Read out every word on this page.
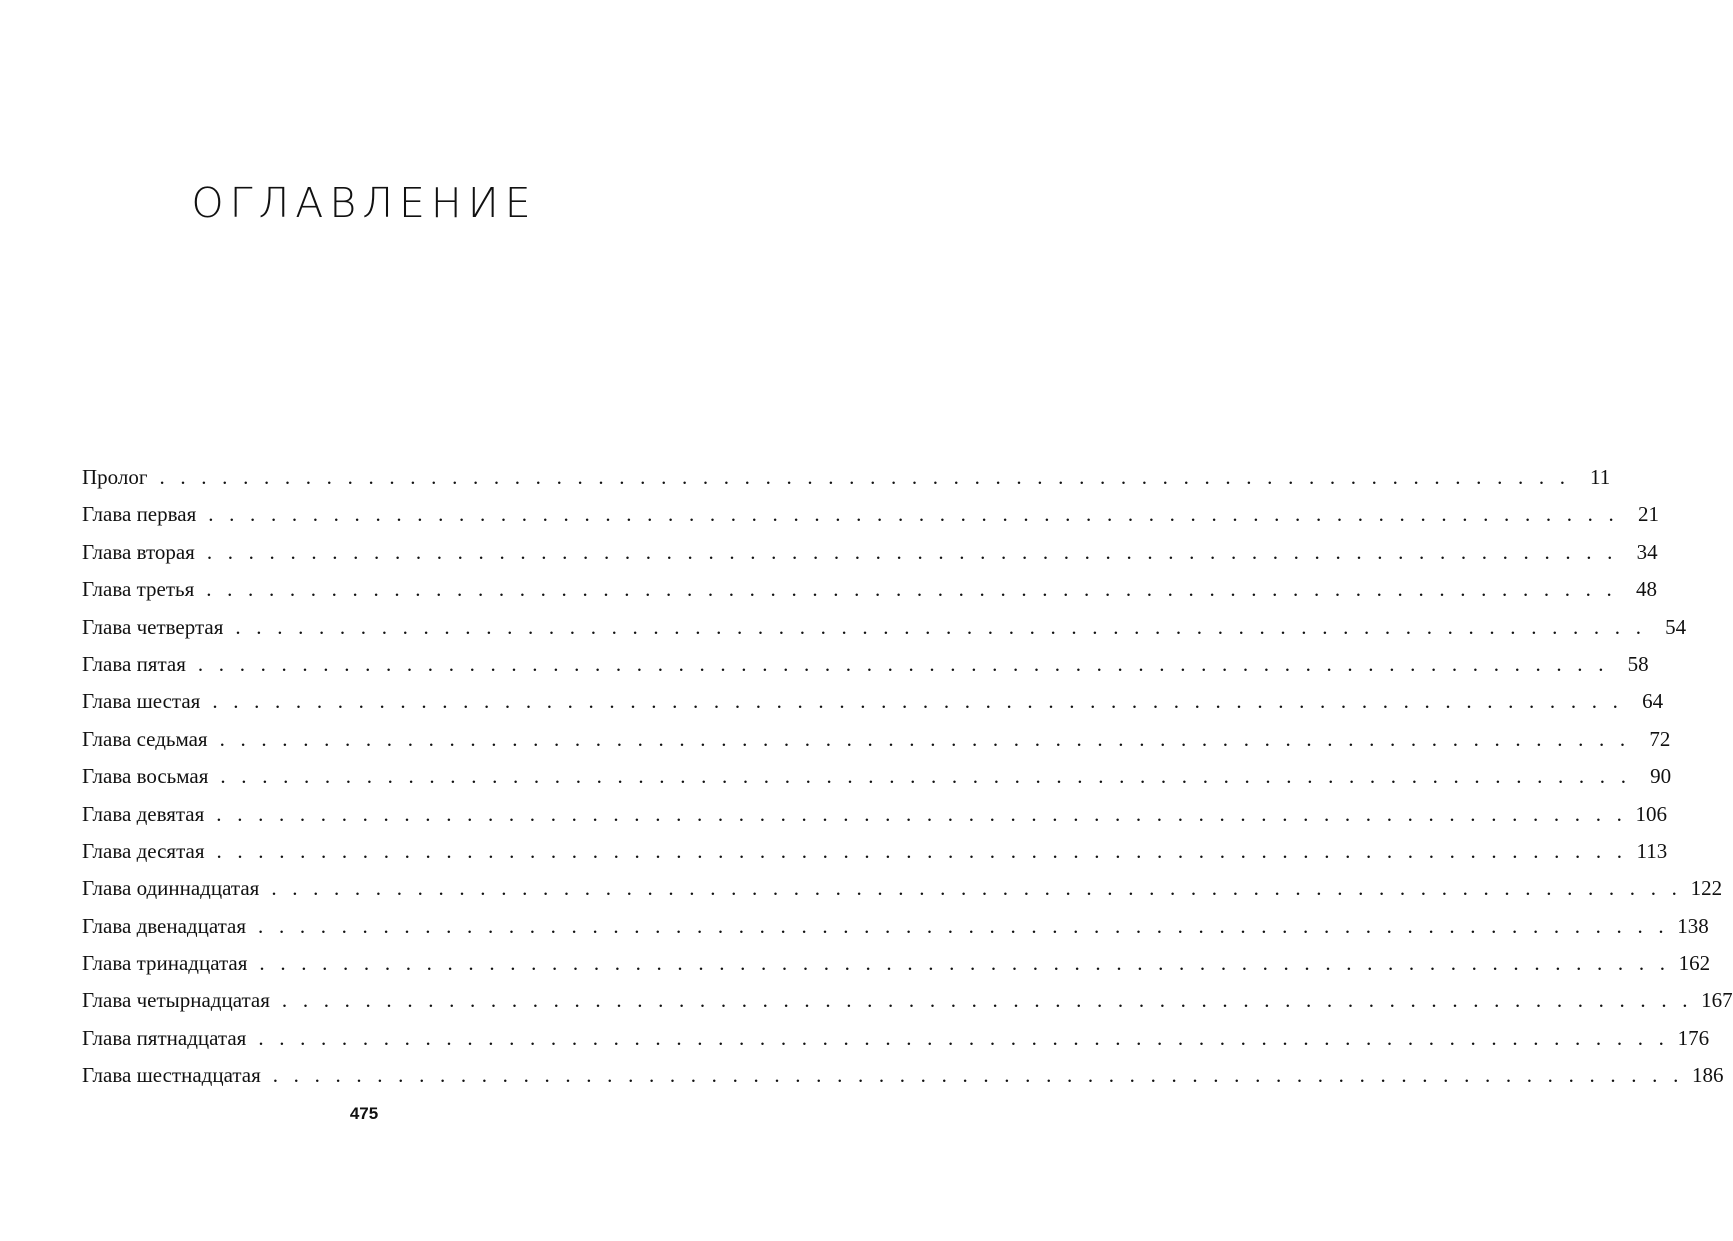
ОГЛАВЛЕНИЕ
Пролог . . . . . . . . . . . . . . . . . . . . . . . . . . . . . . . . . . . . . . . . . . . . . . . . . . . . . . . . . . . . . . . . . . . . 11
Глава первая . . . . . . . . . . . . . . . . . . . . . . . . . . . . . . . . . . . . . . . . . . . . . . . . . . . . . . . . . . . . . . . . . . . . 21
Глава вторая . . . . . . . . . . . . . . . . . . . . . . . . . . . . . . . . . . . . . . . . . . . . . . . . . . . . . . . . . . . . . . . . . . . . 34
Глава третья . . . . . . . . . . . . . . . . . . . . . . . . . . . . . . . . . . . . . . . . . . . . . . . . . . . . . . . . . . . . . . . . . . . . 48
Глава четвертая . . . . . . . . . . . . . . . . . . . . . . . . . . . . . . . . . . . . . . . . . . . . . . . . . . . . . . . . . . . . . . . . . . . . 54
Глава пятая . . . . . . . . . . . . . . . . . . . . . . . . . . . . . . . . . . . . . . . . . . . . . . . . . . . . . . . . . . . . . . . . . . . . 58
Глава шестая . . . . . . . . . . . . . . . . . . . . . . . . . . . . . . . . . . . . . . . . . . . . . . . . . . . . . . . . . . . . . . . . . . . . 64
Глава седьмая . . . . . . . . . . . . . . . . . . . . . . . . . . . . . . . . . . . . . . . . . . . . . . . . . . . . . . . . . . . . . . . . . . . . 72
Глава восьмая . . . . . . . . . . . . . . . . . . . . . . . . . . . . . . . . . . . . . . . . . . . . . . . . . . . . . . . . . . . . . . . . . . . . 90
Глава девятая . . . . . . . . . . . . . . . . . . . . . . . . . . . . . . . . . . . . . . . . . . . . . . . . . . . . . . . . . . . . . . . . . . . . 106
Глава десятая . . . . . . . . . . . . . . . . . . . . . . . . . . . . . . . . . . . . . . . . . . . . . . . . . . . . . . . . . . . . . . . . . . . . 113
Глава одиннадцатая . . . . . . . . . . . . . . . . . . . . . . . . . . . . . . . . . . . . . . . . . . . . . . . . . . . . . . . . . . . . . . . . . . . . 122
Глава двенадцатая . . . . . . . . . . . . . . . . . . . . . . . . . . . . . . . . . . . . . . . . . . . . . . . . . . . . . . . . . . . . . . . . . . . . 138
Глава тринадцатая . . . . . . . . . . . . . . . . . . . . . . . . . . . . . . . . . . . . . . . . . . . . . . . . . . . . . . . . . . . . . . . . . . . . 162
Глава четырнадцатая . . . . . . . . . . . . . . . . . . . . . . . . . . . . . . . . . . . . . . . . . . . . . . . . . . . . . . . . . . . . . . . . . . . . 167
Глава пятнадцатая . . . . . . . . . . . . . . . . . . . . . . . . . . . . . . . . . . . . . . . . . . . . . . . . . . . . . . . . . . . . . . . . . . . . 176
Глава шестнадцатая . . . . . . . . . . . . . . . . . . . . . . . . . . . . . . . . . . . . . . . . . . . . . . . . . . . . . . . . . . . . . . . . . . . . 186
475
